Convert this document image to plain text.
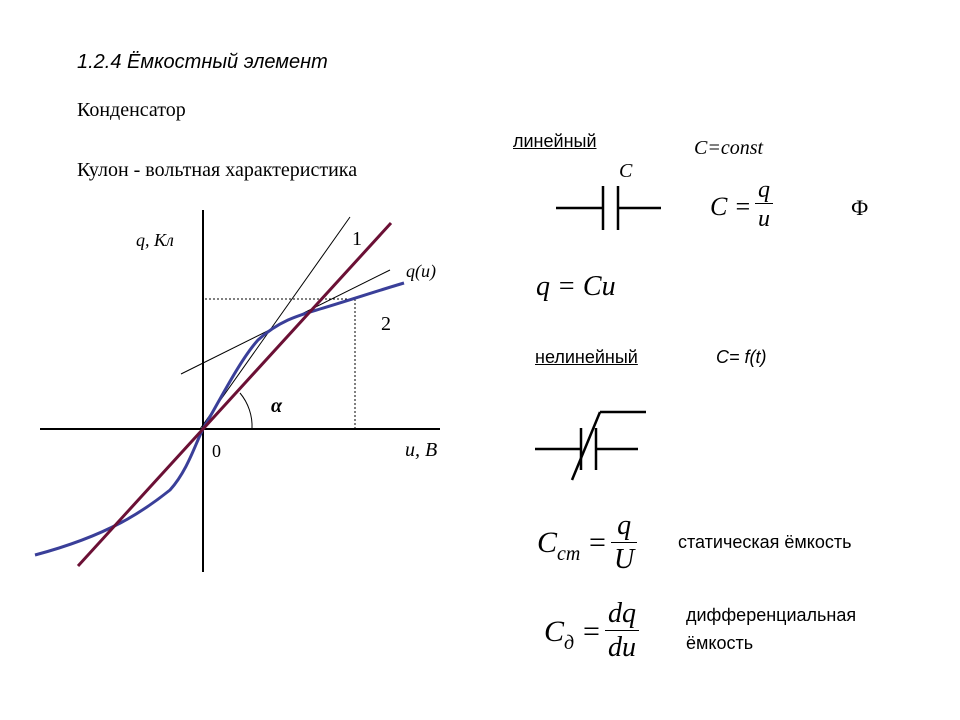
1.2.4 Ёмкостный элемент
Конденсатор
Кулон - вольтная характеристика
q, Кл
u, В
0
1
2
q(u)
α
линейный
C
C=const
C =
q
u	Ф
q = Cu
нелинейный	C= f(t)
$C_{ст}$ =
q
U
статическая ёмкость
$C_д$ =
dq
du
дифференциальная
ёмкость
